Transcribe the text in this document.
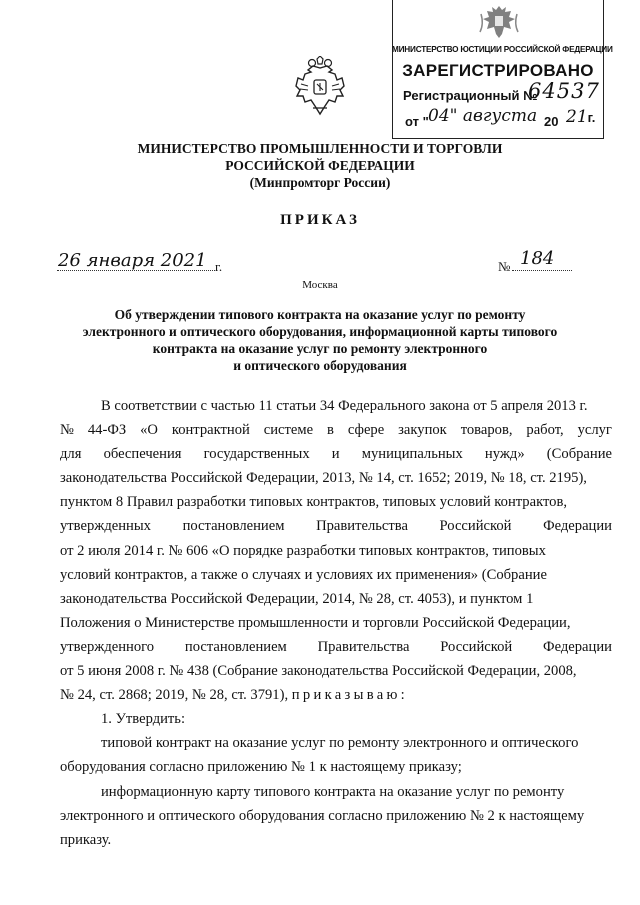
МИНИСТЕРСТВО ЮСТИЦИИ РОССИЙСКОЙ ФЕДЕРАЦИИ
ЗАРЕГИСТРИРОВАНО
Регистрационный №
64537
от " 04" августа 20 21г.
МИНИСТЕРСТВО ПРОМЫШЛЕННОСТИ И ТОРГОВЛИ
РОССИЙСКОЙ ФЕДЕРАЦИИ
(Минпромторг России)
ПРИКАЗ
26 января 2021 г.	№ 184
Москва
Об утверждении типового контракта на оказание услуг по ремонту
электронного и оптического оборудования, информационной карты типового
контракта на оказание услуг по ремонту электронного
и оптического оборудования
В соответствии с частью 11 статьи 34 Федерального закона от 5 апреля 2013 г.
№ 44-ФЗ «О контрактной системе в сфере закупок товаров, работ, услуг
для обеспечения государственных и муниципальных нужд» (Собрание
законодательства Российской Федерации, 2013, № 14, ст. 1652; 2019, № 18, ст. 2195),
пунктом 8 Правил разработки типовых контрактов, типовых условий контрактов,
утвержденных постановлением Правительства Российской Федерации
от 2 июля 2014 г. № 606 «О порядке разработки типовых контрактов, типовых
условий контрактов, а также о случаях и условиях их применения» (Собрание
законодательства Российской Федерации, 2014, № 28, ст. 4053), и пунктом 1
Положения о Министерстве промышленности и торговли Российской Федерации,
утвержденного постановлением Правительства Российской Федерации
от 5 июня 2008 г. № 438 (Собрание законодательства Российской Федерации, 2008,
№ 24, ст. 2868; 2019, № 28, ст. 3791),
приказываю:
1. Утвердить:
типовой контракт на оказание услуг по ремонту электронного и оптического
оборудования согласно приложению № 1 к настоящему приказу;
информационную карту типового контракта на оказание услуг по ремонту
электронного и оптического оборудования согласно приложению № 2 к настоящему
приказу.
